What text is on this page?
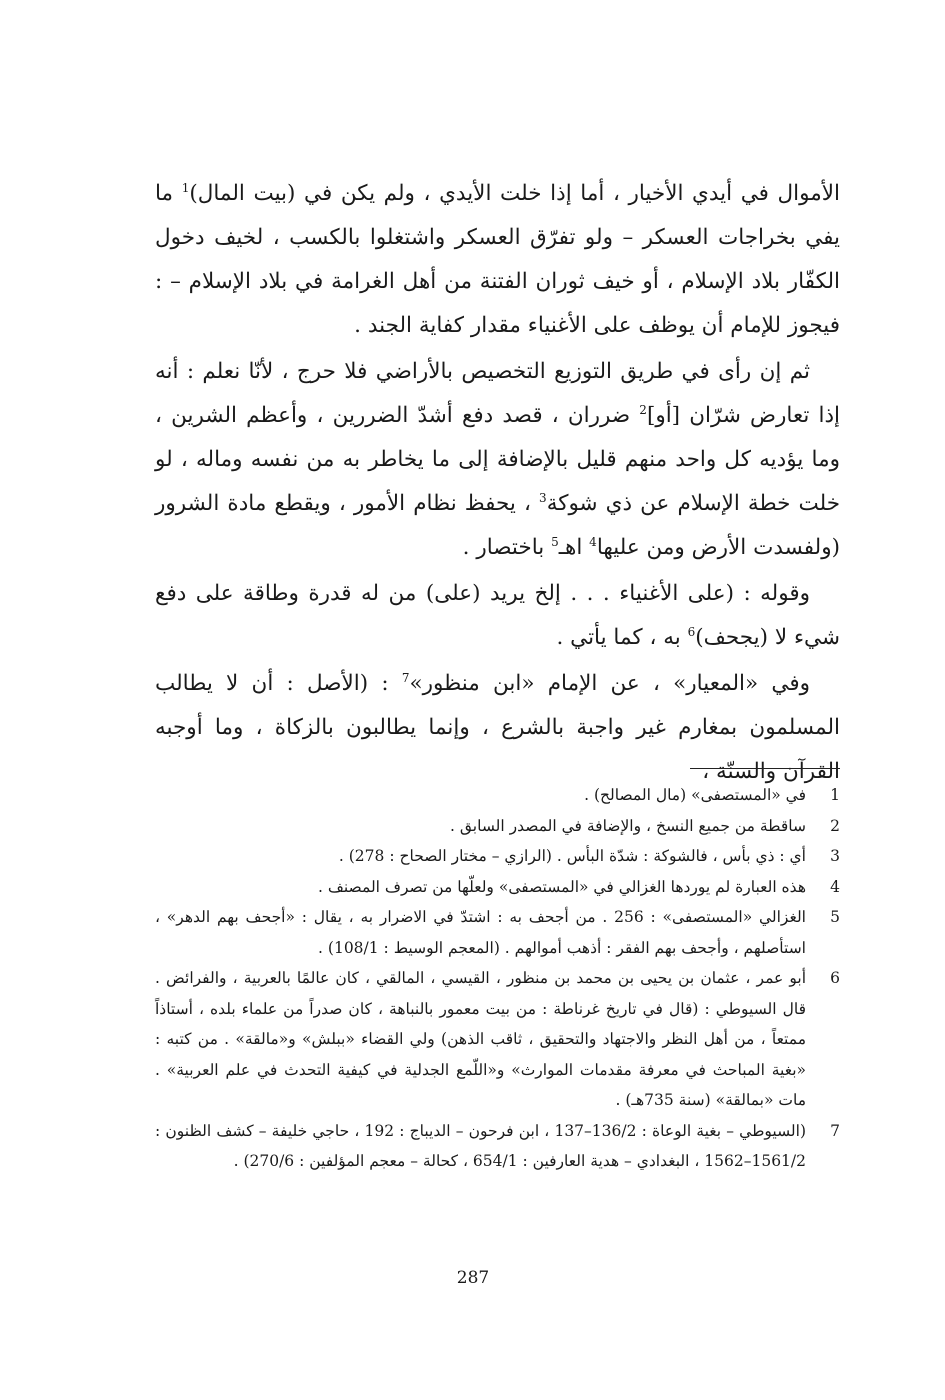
الأموال في أيدي الأخيار ، أما إذا خلت الأيدي ، ولم يكن في (بيت المال)$^1$ ما يفي بخراجات العسكر – ولو تفرّق العسكر واشتغلوا بالكسب ، لخيف دخول الكفّار بلاد الإسلام ، أو خيف ثوران الفتنة من أهل الغرامة في بلاد الإسلام – : فيجوز للإمام أن يوظف على الأغنياء مقدار كفاية الجند .

ثم إن رأى في طريق التوزيع التخصيص بالأراضي فلا حرج ، لأنّا نعلم : أنه إذا تعارض شرّان [أو]$^2$ ضرران ، قصد دفع أشدّ الضررين ، وأعظم الشرين ، وما يؤديه كل واحد منهم قليل بالإضافة إلى ما يخاطر به من نفسه وماله ، لو خلت خطة الإسلام عن ذي شوكة$^3$ ، يحفظ نظام الأمور ، ويقطع مادة الشرور (ولفسدت الأرض ومن عليها$^4$ اهـ$^5$ باختصار .

وقوله : (على الأغنياء . . . إلخ يريد (على) من له قدرة وطاقة على دفع شيء لا (يجحف)$^6$ به ، كما يأتي .

وفي «المعيار» ، عن الإمام «ابن منظور»$^7$ : (الأصل : أن لا يطالب المسلمون بمغارم غير واجبة بالشرع ، وإنما يطالبون بالزكاة ، وما أوجبه القرآن والسنّة ،

1
في «المستصفى» (مال المصالح) .
2
ساقطة من جميع النسخ ، والإضافة في المصدر السابق .
3
أي : ذي بأس ، فالشوكة : شدّة البأس . (الرازي – مختار الصحاح : 278) .
4
هذه العبارة لم يوردها الغزالي في «المستصفى» ولعلّها من تصرف المصنف .
5
الغزالي «المستصفى» : 256 . من أجحف به : اشتدّ في الاضرار به ، يقال : «أجحف بهم الدهر» ، استأصلهم ، وأجحف بهم الفقر : أذهب أموالهم . (المعجم الوسيط : 108/1) .
6
أبو عمر ، عثمان بن يحيى بن محمد بن منظور ، القيسي ، المالقي ، كان عالمًا بالعربية ، والفرائض . قال السيوطي : (قال في تاريخ غرناطة : من بيت معمور بالنباهة ، كان صدراً من علماء بلده ، أستاذاً ممتعاً ، من أهل النظر والاجتهاد والتحقيق ، ثاقب الذهن) ولي القضاء «ببلش» و«مالقة» . من كتبه : «بغية المباحث في معرفة مقدمات الموارث» و«اللّمع الجدلية في كيفية التحدث في علم العربية» . مات «بمالقة» (سنة 735هـ) .
7
(السيوطي – بغية الوعاة : 136/2–137 ، ابن فرحون – الديباج : 192 ، حاجي خليفة – كشف الظنون : 1561/2–1562 ، البغدادي – هدية العارفين : 654/1 ، كحالة – معجم المؤلفين : 270/6) .
287
